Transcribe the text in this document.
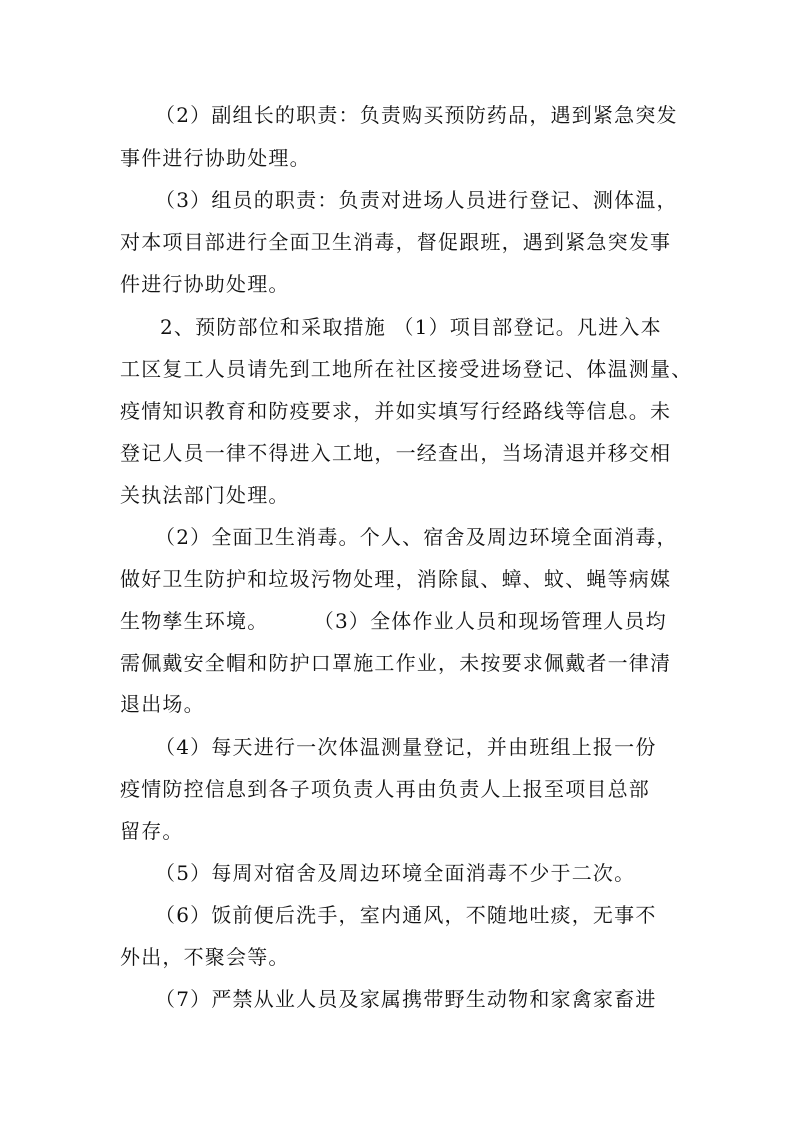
（2）副组长的职责：负责购买预防药品，遇到紧急突发
事件进行协助处理。
（3）组员的职责：负责对进场人员进行登记、测体温，
对本项目部进行全面卫生消毒，督促跟班，遇到紧急突发事
件进行协助处理。
2、预防部位和采取措施 （1）项目部登记。凡进入本
工区复工人员请先到工地所在社区接受进场登记、体温测量、
疫情知识教育和防疫要求，并如实填写行经路线等信息。未
登记人员一律不得进入工地，一经查出，当场清退并移交相
关执法部门处理。
（2）全面卫生消毒。个人、宿舍及周边环境全面消毒，
做好卫生防护和垃圾污物处理，消除鼠、蟑、蚊、蝇等病媒
生物孳生环境。      （3）全体作业人员和现场管理人员均
需佩戴安全帽和防护口罩施工作业，未按要求佩戴者一律清
退出场。
（4）每天进行一次体温测量登记，并由班组上报一份
疫情防控信息到各子项负责人再由负责人上报至项目总部
留存。
（5）每周对宿舍及周边环境全面消毒不少于二次。
（6）饭前便后洗手，室内通风，不随地吐痰，无事不
外出，不聚会等。
（7）严禁从业人员及家属携带野生动物和家禽家畜进
